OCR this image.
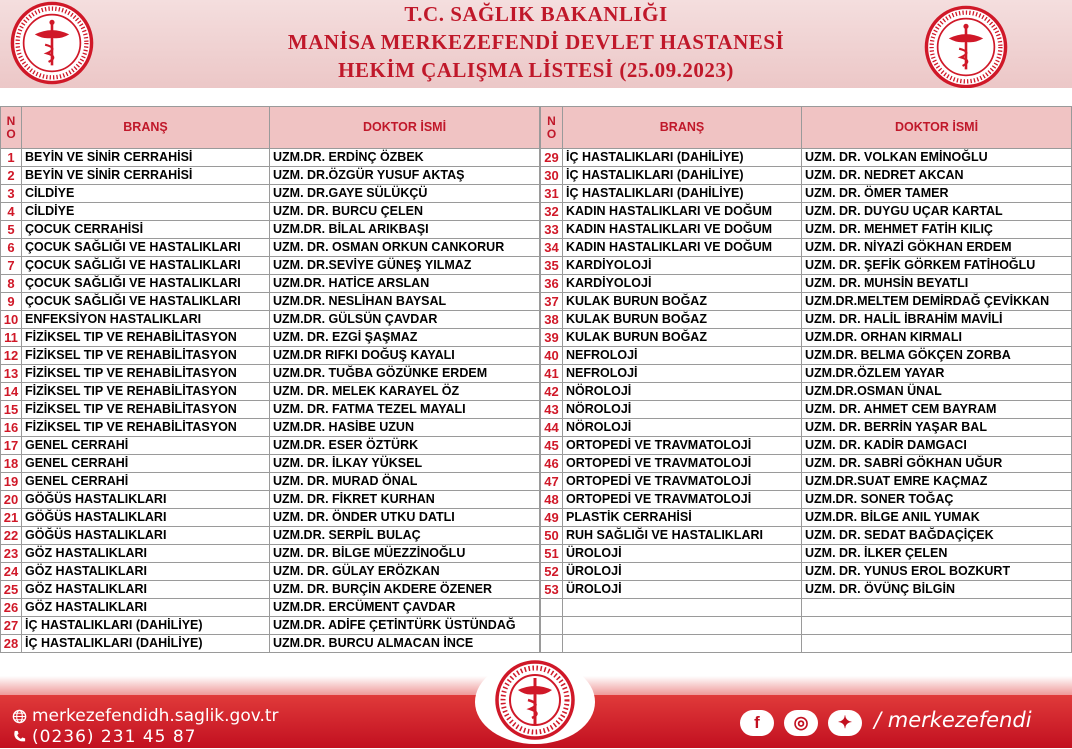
T.C. SAĞLIK BAKANLIĞI
MANİSA MERKEZEFENDİ DEVLET HASTANESİ
HEKİM ÇALIŞMA LİSTESİ (25.09.2023)
N
O	BRANŞ	DOKTOR İSMİ
1	BEYİN VE SİNİR CERRAHİSİ	UZM.DR. ERDİNÇ ÖZBEK
2	BEYİN VE SİNİR CERRAHİSİ	UZM. DR.ÖZGÜR YUSUF AKTAŞ
3	CİLDİYE	UZM. DR.GAYE SÜLÜKÇÜ
4	CİLDİYE	UZM. DR. BURCU ÇELEN
5	ÇOCUK CERRAHİSİ	UZM.DR. BİLAL ARIKBAŞI
6	ÇOCUK SAĞLIĞI VE HASTALIKLARI	UZM. DR. OSMAN ORKUN CANKORUR
7	ÇOCUK SAĞLIĞI VE HASTALIKLARI	UZM. DR.SEVİYE GÜNEŞ YILMAZ
8	ÇOCUK SAĞLIĞI VE HASTALIKLARI	UZM.DR. HATİCE ARSLAN
9	ÇOCUK SAĞLIĞI VE HASTALIKLARI	UZM.DR. NESLİHAN BAYSAL
10	ENFEKSİYON HASTALIKLARI	UZM.DR. GÜLSÜN ÇAVDAR
11	FİZİKSEL TIP VE REHABİLİTASYON	UZM. DR. EZGİ ŞAŞMAZ
12	FİZİKSEL TIP VE REHABİLİTASYON	UZM.DR RIFKI DOĞUŞ KAYALI
13	FİZİKSEL TIP VE REHABİLİTASYON	UZM.DR. TUĞBA GÖZÜNKE ERDEM
14	FİZİKSEL TIP VE REHABİLİTASYON	UZM. DR. MELEK KARAYEL ÖZ
15	FİZİKSEL TIP VE REHABİLİTASYON	UZM. DR. FATMA TEZEL MAYALI
16	FİZİKSEL TIP VE REHABİLİTASYON	UZM.DR. HASİBE UZUN
17	GENEL CERRAHİ	UZM.DR. ESER ÖZTÜRK
18	GENEL CERRAHİ	UZM. DR. İLKAY YÜKSEL
19	GENEL CERRAHİ	UZM. DR. MURAD ÖNAL
20	GÖĞÜS HASTALIKLARI	UZM. DR. FİKRET KURHAN
21	GÖĞÜS HASTALIKLARI	UZM. DR. ÖNDER UTKU DATLI
22	GÖĞÜS HASTALIKLARI	UZM.DR. SERPİL BULAÇ
23	GÖZ HASTALIKLARI	UZM. DR. BİLGE MÜEZZİNOĞLU
24	GÖZ HASTALIKLARI	UZM. DR. GÜLAY ERÖZKAN
25	GÖZ HASTALIKLARI	UZM. DR. BURÇİN AKDERE ÖZENER
26	GÖZ HASTALIKLARI	UZM.DR. ERCÜMENT ÇAVDAR
27	İÇ HASTALIKLARI (DAHİLİYE)	UZM.DR. ADİFE ÇETİNTÜRK ÜSTÜNDAĞ
28	İÇ HASTALIKLARI (DAHİLİYE)	UZM.DR. BURCU ALMACAN İNCE
N
O	BRANŞ	DOKTOR İSMİ
29	İÇ HASTALIKLARI (DAHİLİYE)	UZM. DR. VOLKAN EMİNOĞLU
30	İÇ HASTALIKLARI (DAHİLİYE)	UZM. DR. NEDRET AKCAN
31	İÇ HASTALIKLARI (DAHİLİYE)	UZM. DR. ÖMER TAMER
32	KADIN HASTALIKLARI VE DOĞUM	UZM. DR. DUYGU UÇAR KARTAL
33	KADIN HASTALIKLARI VE DOĞUM	UZM. DR. MEHMET FATİH KILIÇ
34	KADIN HASTALIKLARI VE DOĞUM	UZM. DR. NİYAZİ GÖKHAN ERDEM
35	KARDİYOLOJİ	UZM. DR. ŞEFİK GÖRKEM FATİHOĞLU
36	KARDİYOLOJİ	UZM. DR. MUHSİN BEYATLI
37	KULAK BURUN BOĞAZ	UZM.DR.MELTEM DEMİRDAĞ ÇEVİKKAN
38	KULAK BURUN BOĞAZ	UZM. DR. HALİL İBRAHİM MAVİLİ
39	KULAK BURUN BOĞAZ	UZM.DR. ORHAN KIRMALI
40	NEFROLOJİ	UZM.DR. BELMA GÖKÇEN ZORBA
41	NEFROLOJİ	UZM.DR.ÖZLEM YAYAR
42	NÖROLOJİ	UZM.DR.OSMAN ÜNAL
43	NÖROLOJİ	UZM. DR. AHMET CEM BAYRAM
44	NÖROLOJİ	UZM. DR. BERRİN YAŞAR BAL
45	ORTOPEDİ VE TRAVMATOLOJİ	UZM. DR. KADİR DAMGACI
46	ORTOPEDİ VE TRAVMATOLOJİ	UZM. DR. SABRİ GÖKHAN UĞUR
47	ORTOPEDİ VE TRAVMATOLOJİ	UZM.DR.SUAT EMRE KAÇMAZ
48	ORTOPEDİ VE TRAVMATOLOJİ	UZM.DR. SONER TOĞAÇ
49	PLASTİK CERRAHİSİ	UZM.DR. BİLGE ANIL YUMAK
50	RUH SAĞLIĞI VE HASTALIKLARI	UZM. DR. SEDAT BAĞDAÇİÇEK
51	ÜROLOJİ	UZM. DR. İLKER ÇELEN
52	ÜROLOJİ	UZM. DR. YUNUS EROL BOZKURT
53	ÜROLOJİ	UZM. DR. ÖVÜNÇ BİLGİN

merkezefendidh.saglik.gov.tr
(0236) 231 45 87
f	◎	✦	/ merkezefendi
